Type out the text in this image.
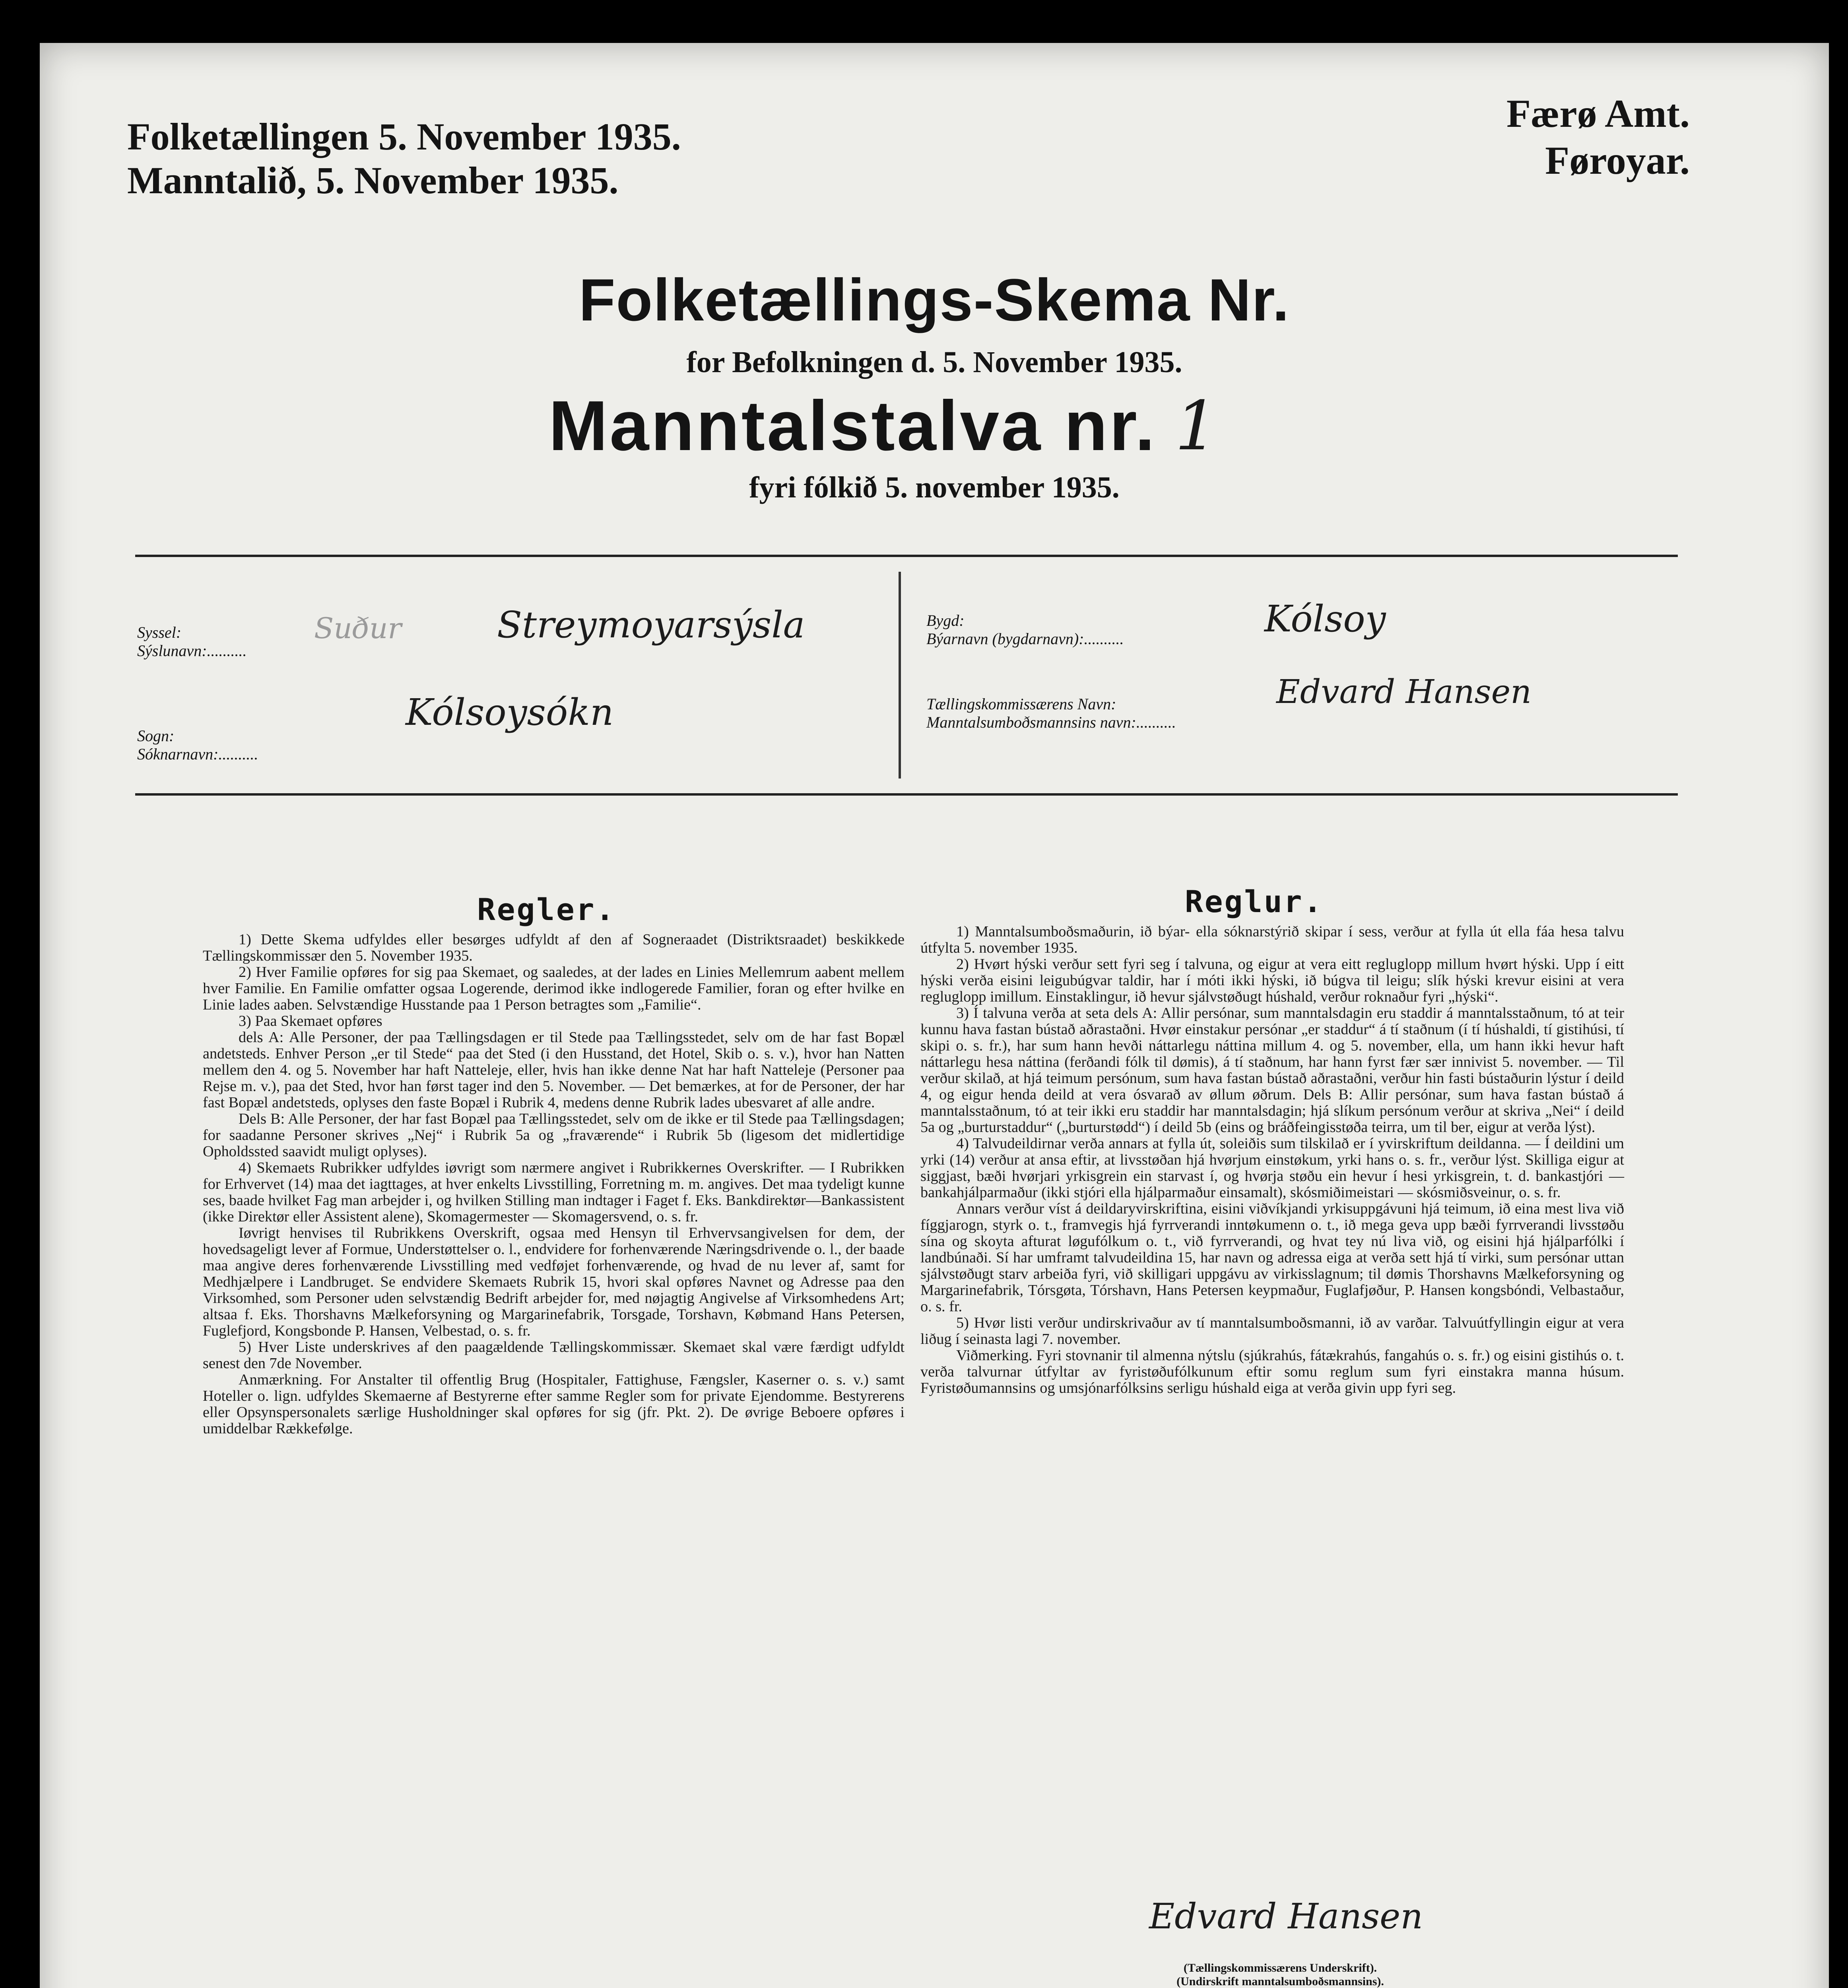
Folketællingen 5. November 1935.
Manntalið, 5. November 1935.
Færø Amt.
Føroyar.
Folketællings-Skema Nr.
for Befolkningen d. 5. November 1935.
Manntalstalva nr. 1
fyri fólkið 5. november 1935.
Syssel:
Sýslunavn:..........
Suður	Streymoyarsýsla
Sogn:
Sóknarnavn:..........
Kólsoysókn
Bygd:
Býarnavn (bygdarnavn):..........	Kólsoy
Tællingskommissærens Navn:
Manntalsumboðsmannsins navn:..........
Edvard Hansen
Regler.	Reglur.

1) Dette Skema udfyldes eller besørges udfyldt af den af Sogneraadet (Distriktsraadet) beskikkede Tællingskommissær den 5. November 1935.

2) Hver Familie opføres for sig paa Skemaet, og saaledes, at der lades en Linies Mellemrum aabent mellem hver Familie. En Familie omfatter ogsaa Logerende, derimod ikke indlogerede Familier, foran og efter hvilke en Linie lades aaben. Selvstændige Husstande paa 1 Person betragtes som „Familie“.

3) Paa Skemaet opføres

dels A: Alle Personer, der paa Tællingsdagen er til Stede paa Tællingsstedet, selv om de har fast Bopæl andetsteds. Enhver Person „er til Stede“ paa det Sted (i den Husstand, det Hotel, Skib o. s. v.), hvor han Natten mellem den 4. og 5. November har haft Natteleje, eller, hvis han ikke denne Nat har haft Natteleje (Personer paa Rejse m. v.), paa det Sted, hvor han først tager ind den 5. November. — Det bemærkes, at for de Personer, der har fast Bopæl andetsteds, oplyses den faste Bopæl i Rubrik 4, medens denne Rubrik lades ubesvaret af alle andre.

Dels B: Alle Personer, der har fast Bopæl paa Tællingsstedet, selv om de ikke er til Stede paa Tællingsdagen; for saadanne Personer skrives „Nej“ i Rubrik 5a og „fraværende“ i Rubrik 5b (ligesom det midlertidige Opholdssted saavidt muligt oplyses).

4) Skemaets Rubrikker udfyldes iøvrigt som nærmere angivet i Rubrikkernes Overskrifter. — I Rubrikken for Erhvervet (14) maa det iagttages, at hver enkelts Livsstilling, Forretning m. m. angives. Det maa tydeligt kunne ses, baade hvilket Fag man arbejder i, og hvilken Stilling man indtager i Faget f. Eks. Bankdirektør—Bankassistent (ikke Direktør eller Assistent alene), Skomagermester — Skomagersvend, o. s. fr.

Iøvrigt henvises til Rubrikkens Overskrift, ogsaa med Hensyn til Erhvervsangivelsen for dem, der hovedsageligt lever af Formue, Understøttelser o. l., endvidere for forhenværende Næringsdrivende o. l., der baade maa angive deres forhenværende Livsstilling med vedføjet forhenværende, og hvad de nu lever af, samt for Medhjælpere i Landbruget. Se endvidere Skemaets Rubrik 15, hvori skal opføres Navnet og Adresse paa den Virksomhed, som Personer uden selvstændig Bedrift arbejder for, med nøjagtig Angivelse af Virksomhedens Art; altsaa f. Eks. Thorshavns Mælkeforsyning og Margarinefabrik, Torsgade, Torshavn, Købmand Hans Petersen, Fuglefjord, Kongsbonde P. Hansen, Velbestad, o. s. fr.

5) Hver Liste underskrives af den paagældende Tællingskommissær. Skemaet skal være færdigt udfyldt senest den 7de November.

Anmærkning. For Anstalter til offentlig Brug (Hospitaler, Fattighuse, Fængsler, Kaserner o. s. v.) samt Hoteller o. lign. udfyldes Skemaerne af Bestyrerne efter samme Regler som for private Ejendomme. Bestyrerens eller Opsynspersonalets særlige Husholdninger skal opføres for sig (jfr. Pkt. 2). De øvrige Beboere opføres i umiddelbar Rækkefølge.

1) Manntalsumboðsmaðurin, ið býar- ella sóknarstýrið skipar í sess, verður at fylla út ella fáa hesa talvu útfylta 5. november 1935.

2) Hvørt hýski verður sett fyri seg í talvuna, og eigur at vera eitt regluglopp millum hvørt hýski. Upp í eitt hýski verða eisini leigubúgvar taldir, har í móti ikki hýski, ið búgva til leigu; slík hýski krevur eisini at vera regluglopp imillum. Einstaklingur, ið hevur sjálvstøðugt húshald, verður roknaður fyri „hýski“.

3) Í talvuna verða at seta dels A: Allir persónar, sum manntalsdagin eru staddir á manntalsstaðnum, tó at teir kunnu hava fastan bústað aðrastaðni. Hvør einstakur persónar „er staddur“ á tí staðnum (í tí húshaldi, tí gistihúsi, tí skipi o. s. fr.), har sum hann hevði náttarlegu náttina millum 4. og 5. november, ella, um hann ikki hevur haft náttarlegu hesa náttina (ferðandi fólk til dømis), á tí staðnum, har hann fyrst fær sær innivist 5. november. — Til verður skilað, at hjá teimum persónum, sum hava fastan bústað aðrastaðni, verður hin fasti bústaðurin lýstur í deild 4, og eigur henda deild at vera ósvarað av øllum øðrum. Dels B: Allir persónar, sum hava fastan bústað á manntalsstaðnum, tó at teir ikki eru staddir har manntalsdagin; hjá slíkum persónum verður at skriva „Nei“ í deild 5a og „burturstaddur“ („burturstødd“) í deild 5b (eins og bráðfeingisstøða teirra, um til ber, eigur at verða lýst).

4) Talvudeildirnar verða annars at fylla út, soleiðis sum tilskilað er í yvirskriftum deildanna. — Í deildini um yrki (14) verður at ansa eftir, at livsstøðan hjá hvørjum einstøkum, yrki hans o. s. fr., verður lýst. Skilliga eigur at siggjast, bæði hvørjari yrkisgrein ein starvast í, og hvørja støðu ein hevur í hesi yrkisgrein, t. d. bankastjóri — bankahjálparmaður (ikki stjóri ella hjálparmaður einsamalt), skósmiðimeistari — skósmiðsveinur, o. s. fr.

Annars verður víst á deildaryvirskriftina, eisini viðvíkjandi yrkisuppgávuni hjá teimum, ið eina mest liva við fíggjarogn, styrk o. t., framvegis hjá fyrrverandi inntøkumenn o. t., ið mega geva upp bæði fyrrverandi livsstøðu sína og skoyta afturat løgufólkum o. t., við fyrrverandi, og hvat tey nú liva við, og eisini hjá hjálparfólki í landbúnaði. Sí har umframt talvudeildina 15, har navn og adressa eiga at verða sett hjá tí virki, sum persónar uttan sjálvstøðugt starv arbeiða fyri, við skilligari uppgávu av virkisslagnum; til dømis Thorshavns Mælkeforsyning og Margarinefabrik, Tórsgøta, Tórshavn, Hans Petersen keypmaður, Fuglafjøður, P. Hansen kongsbóndi, Velbastaður, o. s. fr.

5) Hvør listi verður undirskrivaður av tí manntalsumboðsmanni, ið av varðar. Talvuútfyllingin eigur at vera liðug í seinasta lagi 7. november.

Viðmerking. Fyri stovnanir til almenna nýtslu (sjúkrahús, fátækrahús, fangahús o. s. fr.) og eisini gistihús o. t. verða talvurnar útfyltar av fyristøðufólkunum eftir somu reglum sum fyri einstakra manna húsum. Fyristøðumannsins og umsjónarfólksins serligu húshald eiga at verða givin upp fyri seg.

Edvard Hansen
(Tællingskommissærens Underskrift).
(Undirskrift manntalsumboðsmannsins).
